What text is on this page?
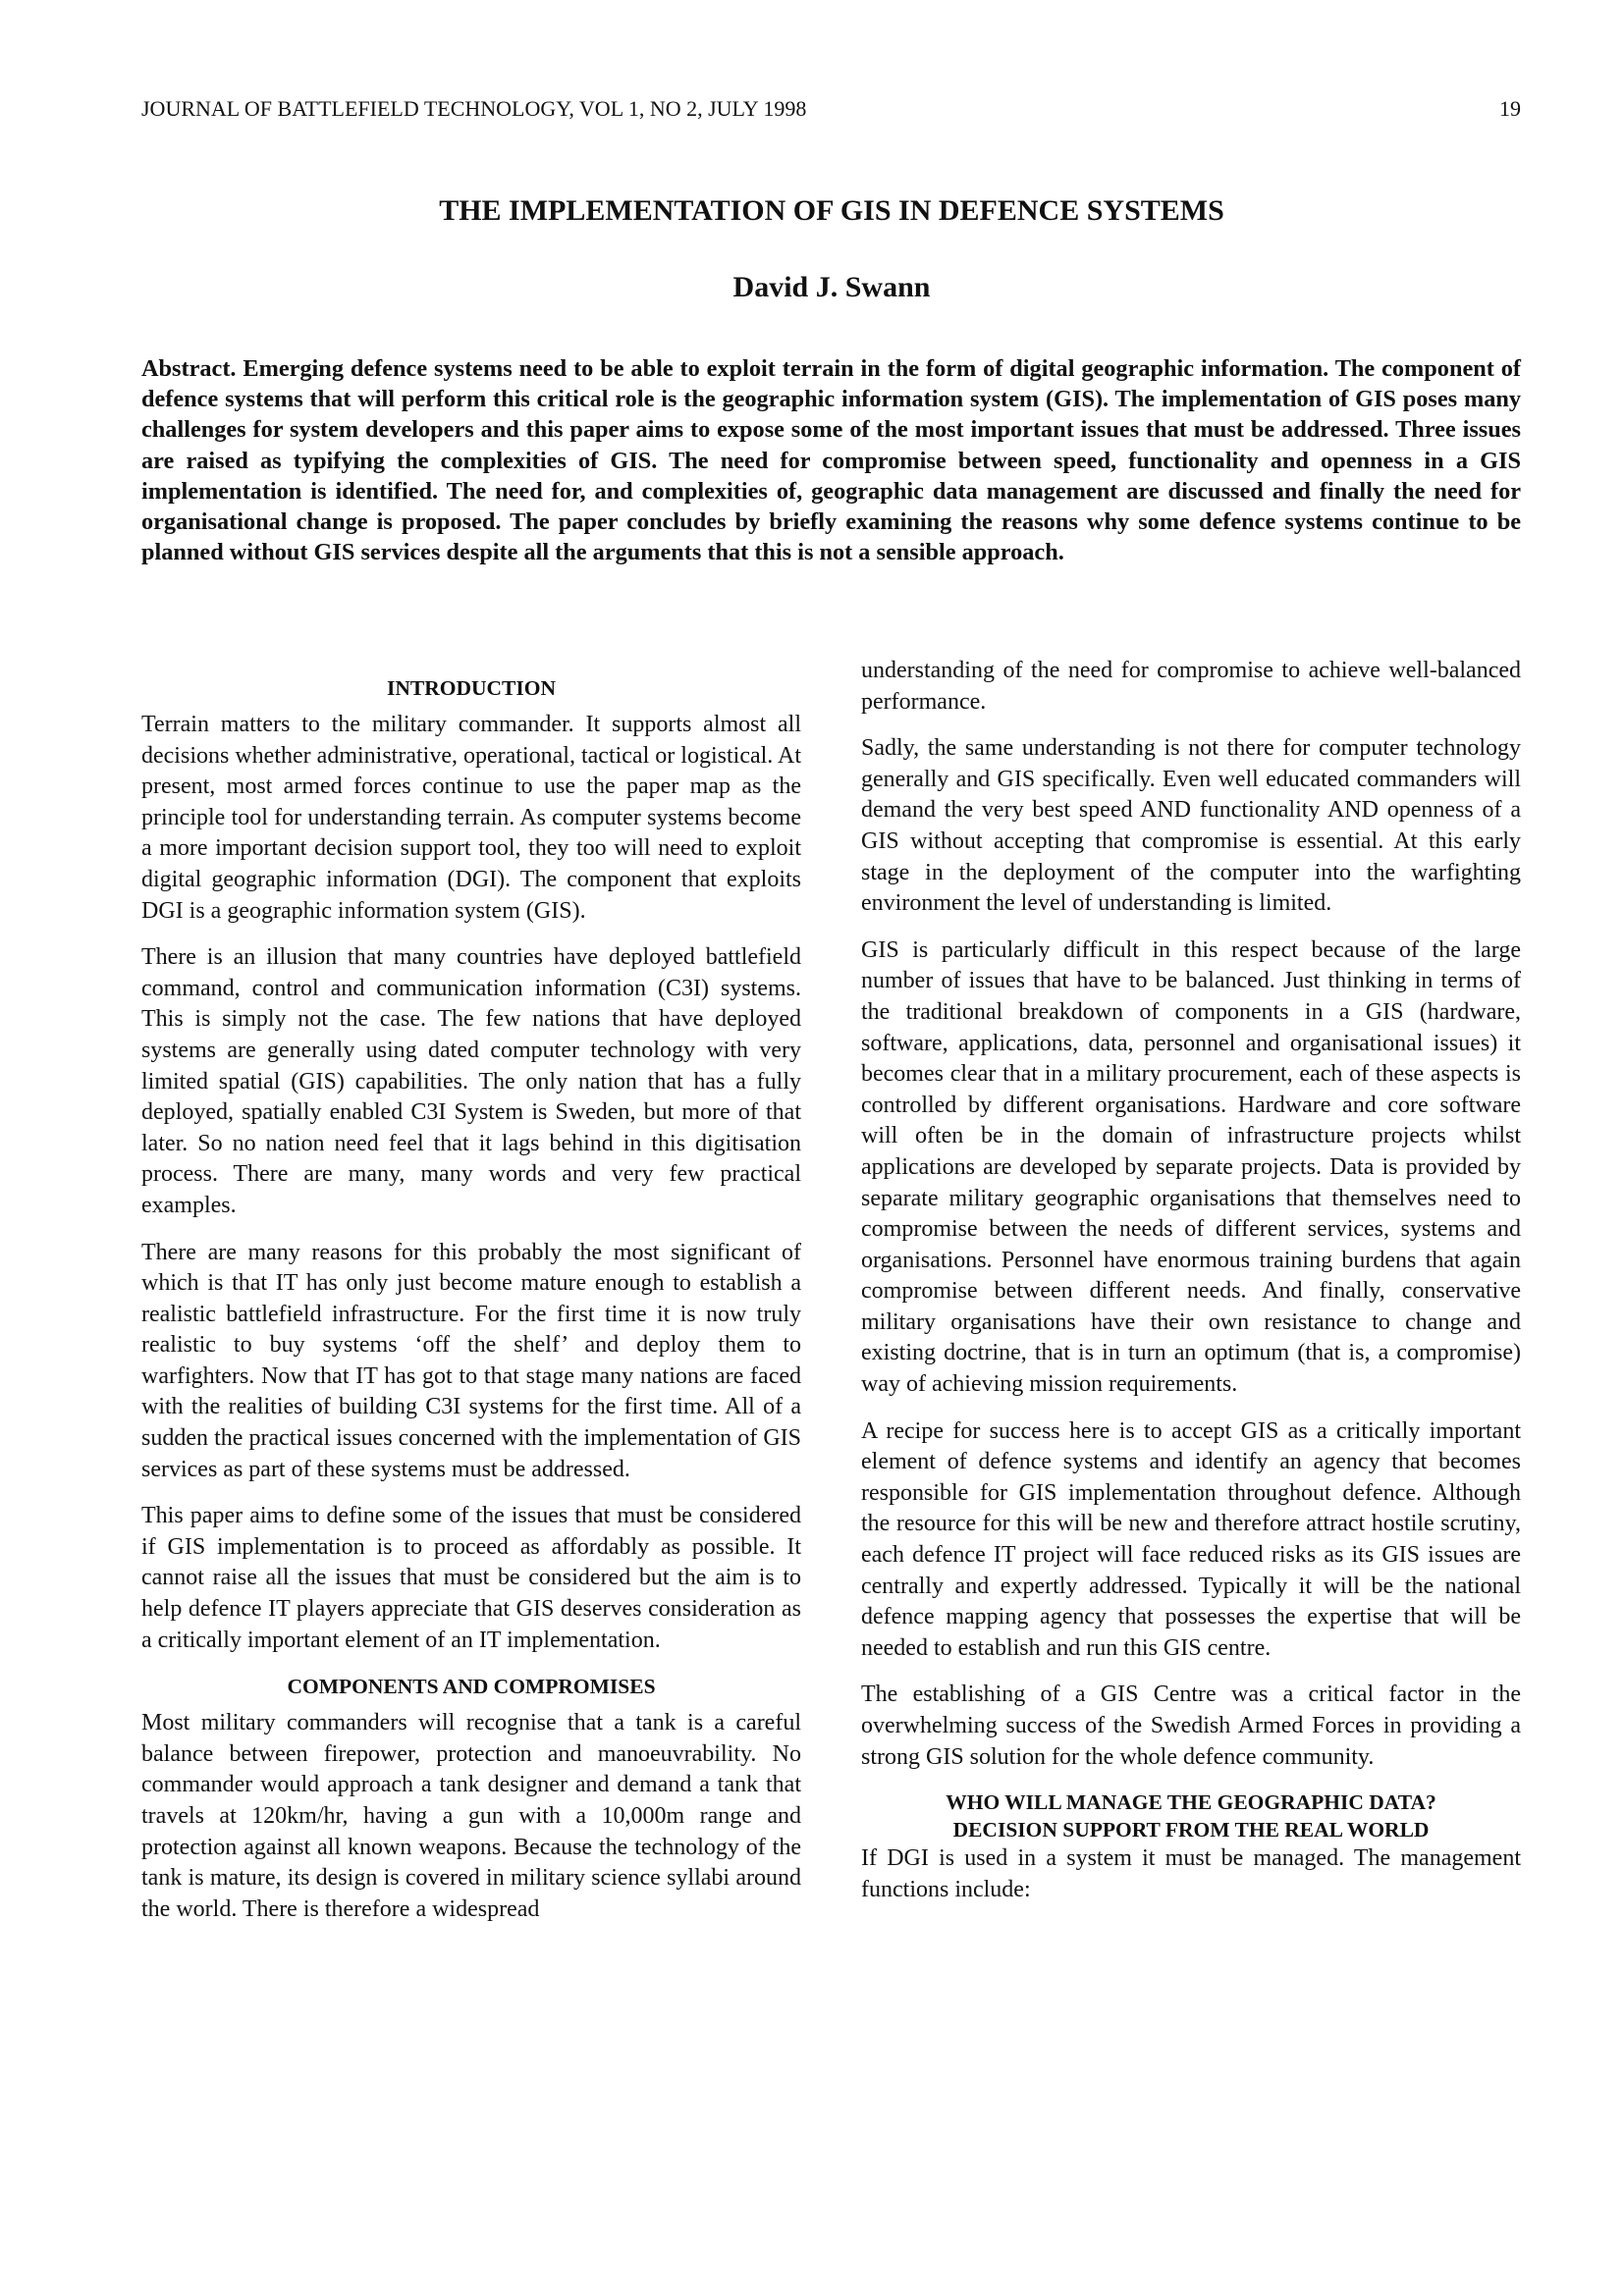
JOURNAL OF BATTLEFIELD TECHNOLOGY, VOL 1, NO 2, JULY 1998	19
THE IMPLEMENTATION OF GIS IN DEFENCE SYSTEMS
David J. Swann
Abstract. Emerging defence systems need to be able to exploit terrain in the form of digital geographic information. The component of defence systems that will perform this critical role is the geographic information system (GIS). The implementation of GIS poses many challenges for system developers and this paper aims to expose some of the most important issues that must be addressed. Three issues are raised as typifying the complexities of GIS. The need for compromise between speed, functionality and openness in a GIS implementation is identified. The need for, and complexities of, geographic data management are discussed and finally the need for organisational change is proposed. The paper concludes by briefly examining the reasons why some defence systems continue to be planned without GIS services despite all the arguments that this is not a sensible approach.
INTRODUCTION

Terrain matters to the military commander. It supports almost all decisions whether administrative, operational, tactical or logistical. At present, most armed forces continue to use the paper map as the principle tool for understanding terrain. As computer systems become a more important decision support tool, they too will need to exploit digital geographic information (DGI). The component that exploits DGI is a geographic information system (GIS).

There is an illusion that many countries have deployed battlefield command, control and communication information (C3I) systems. This is simply not the case. The few nations that have deployed systems are generally using dated computer technology with very limited spatial (GIS) capabilities. The only nation that has a fully deployed, spatially enabled C3I System is Sweden, but more of that later. So no nation need feel that it lags behind in this digitisation process. There are many, many words and very few practical examples.

There are many reasons for this probably the most significant of which is that IT has only just become mature enough to establish a realistic battlefield infrastructure. For the first time it is now truly realistic to buy systems ‘off the shelf’ and deploy them to warfighters. Now that IT has got to that stage many nations are faced with the realities of building C3I systems for the first time. All of a sudden the practical issues concerned with the implementation of GIS services as part of these systems must be addressed.

This paper aims to define some of the issues that must be considered if GIS implementation is to proceed as affordably as possible. It cannot raise all the issues that must be considered but the aim is to help defence IT players appreciate that GIS deserves consideration as a critically important element of an IT implementation.

COMPONENTS AND COMPROMISES

Most military commanders will recognise that a tank is a careful balance between firepower, protection and manoeuvrability. No commander would approach a tank designer and demand a tank that travels at 120km/hr, having a gun with a 10,000m range and protection against all known weapons. Because the technology of the tank is mature, its design is covered in military science syllabi around the world. There is therefore a widespread

understanding of the need for compromise to achieve well-balanced performance.

Sadly, the same understanding is not there for computer technology generally and GIS specifically. Even well educated commanders will demand the very best speed AND functionality AND openness of a GIS without accepting that compromise is essential. At this early stage in the deployment of the computer into the warfighting environment the level of understanding is limited.

GIS is particularly difficult in this respect because of the large number of issues that have to be balanced. Just thinking in terms of the traditional breakdown of components in a GIS (hardware, software, applications, data, personnel and organisational issues) it becomes clear that in a military procurement, each of these aspects is controlled by different organisations. Hardware and core software will often be in the domain of infrastructure projects whilst applications are developed by separate projects. Data is provided by separate military geographic organisations that themselves need to compromise between the needs of different services, systems and organisations. Personnel have enormous training burdens that again compromise between different needs. And finally, conservative military organisations have their own resistance to change and existing doctrine, that is in turn an optimum (that is, a compromise) way of achieving mission requirements.

A recipe for success here is to accept GIS as a critically important element of defence systems and identify an agency that becomes responsible for GIS implementation throughout defence. Although the resource for this will be new and therefore attract hostile scrutiny, each defence IT project will face reduced risks as its GIS issues are centrally and expertly addressed. Typically it will be the national defence mapping agency that possesses the expertise that will be needed to establish and run this GIS centre.

The establishing of a GIS Centre was a critical factor in the overwhelming success of the Swedish Armed Forces in providing a strong GIS solution for the whole defence community.

WHO WILL MANAGE THE GEOGRAPHIC DATA?
DECISION SUPPORT FROM THE REAL WORLD

If DGI is used in a system it must be managed. The management functions include:
